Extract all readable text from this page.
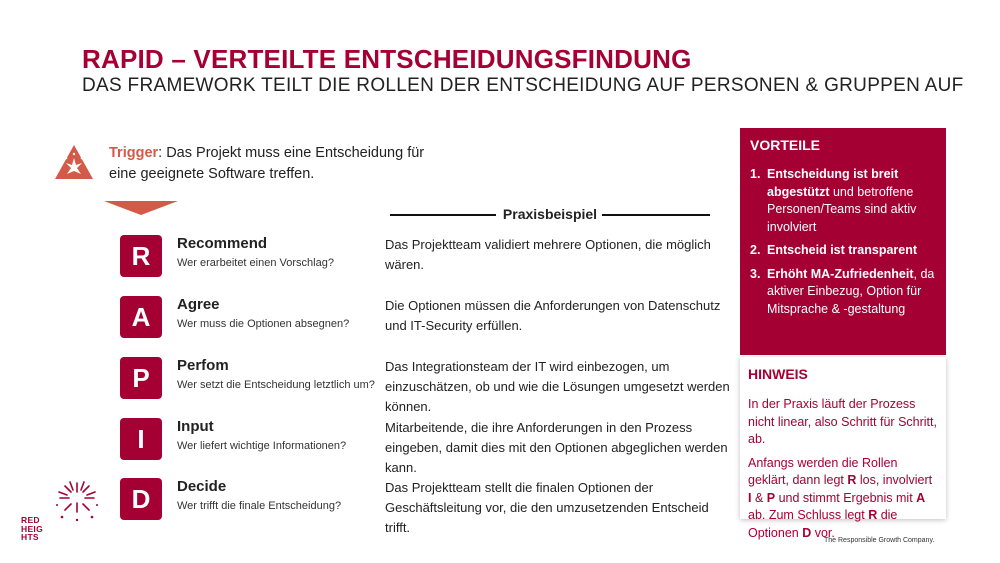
RAPID – VERTEILTE ENTSCHEIDUNGSFINDUNG
DAS FRAMEWORK TEILT DIE ROLLEN DER ENTSCHEIDUNG AUF PERSONEN & GRUPPEN AUF
Trigger: Das Projekt muss eine Entscheidung für eine geeignete Software treffen.
Praxisbeispiel
R	Recommend
Wer erarbeitet einen Vorschlag?
Das Projektteam validiert mehrere Optionen, die möglich wären.
A	Agree
Wer muss die Optionen absegnen?
Die Optionen müssen die Anforderungen von Datenschutz und IT-Security erfüllen.
P	Perfom
Wer setzt die Entscheidung letztlich um?
Das Integrationsteam der IT wird einbezogen, um einzuschätzen, ob und wie die Lösungen umgesetzt werden können.
I	Input
Wer liefert wichtige Informationen?
Mitarbeitende, die ihre Anforderungen in den Prozess eingeben, damit dies mit den Optionen abgeglichen werden kann.
D	Decide
Wer trifft die finale Entscheidung?
Das Projektteam stellt die finalen Optionen der Geschäftsleitung vor, die den umzusetzenden Entscheid trifft.
VORTEILE
1. Entscheidung ist breit abgestützt und betroffene Personen/Teams sind aktiv involviert
2. Entscheid ist transparent
3. Erhöht MA-Zufriedenheit, da aktiver Einbezug, Option für Mitsprache & -gestaltung
HINWEIS

In der Praxis läuft der Prozess nicht linear, also Schritt für Schritt, ab.

Anfangs werden die Rollen geklärt, dann legt R los, involviert I & P und stimmt Ergebnis mit A ab. Zum Schluss legt R die Optionen D vor.

RED
HEIG
HTS	The Responsible Growth Company.
